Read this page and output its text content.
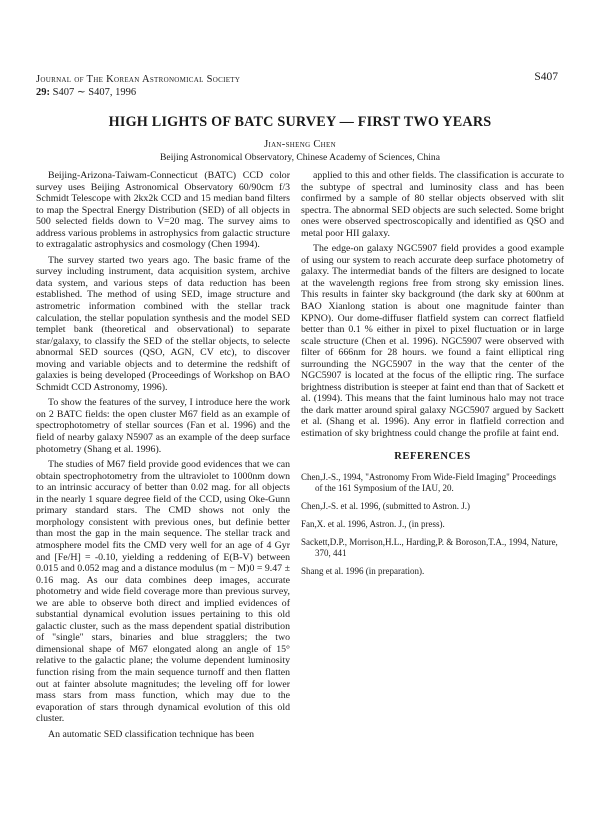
Journal of The Korean Astronomical Society
29: S407 ∼ S407, 1996
S407
HIGH LIGHTS OF BATC SURVEY — FIRST TWO YEARS
Jian-sheng Chen
Beijing Astronomical Observatory, Chinese Academy of Sciences, China

Beijing-Arizona-Taiwam-Connecticut (BATC) CCD color survey uses Beijing Astronomical Observatory 60/90cm f/3 Schmidt Telescope with 2kx2k CCD and 15 median band filters to map the Spectral Energy Distribution (SED) of all objects in 500 selected fields down to V=20 mag. The survey aims to address various problems in astrophysics from galactic structure to extragalatic astrophysics and cosmology (Chen 1994).

The survey started two years ago. The basic frame of the survey including instrument, data acquisition system, archive data system, and various steps of data reduction has been established. The method of using SED, image structure and astrometric information combined with the stellar track calculation, the stellar population synthesis and the model SED templet bank (theoretical and observational) to separate star/galaxy, to classify the SED of the stellar objects, to selecte abnormal SED sources (QSO, AGN, CV etc), to discover moving and variable objects and to determine the redshift of galaxies is being developed (Proceedings of Workshop on BAO Schmidt CCD Astronomy, 1996).

To show the features of the survey, I introduce here the work on 2 BATC fields: the open cluster M67 field as an example of spectrophotometry of stellar sources (Fan et al. 1996) and the field of nearby galaxy N5907 as an example of the deep surface photometry (Shang et al. 1996).

The studies of M67 field provide good evidences that we can obtain spectrophotometry from the ultraviolet to 1000nm down to an intrinsic accuracy of better than 0.02 mag. for all objects in the nearly 1 square degree field of the CCD, using Oke-Gunn primary standard stars. The CMD shows not only the morphology consistent with previous ones, but definie better than most the gap in the main sequence. The stellar track and atmosphere model fits the CMD very well for an age of 4 Gyr and [Fe/H] = -0.10, yielding a reddening of E(B-V) between 0.015 and 0.052 mag and a distance modulus (m − M)0 = 9.47 ± 0.16 mag. As our data combines deep images, accurate photometry and wide field coverage more than previous survey, we are able to observe both direct and implied evidences of substantial dynamical evolution issues pertaining to this old galactic cluster, such as the mass dependent spatial distribution of "single" stars, binaries and blue stragglers; the two dimensional shape of M67 elongated along an angle of 15° relative to the galactic plane; the volume dependent luminosity function rising from the main sequence turnoff and then flatten out at fainter absolute magnitudes; the leveling off for lower mass stars from mass function, which may due to the evaporation of stars through dynamical evolution of this old cluster.

An automatic SED classification technique has been

applied to this and other fields. The classification is accurate to the subtype of spectral and luminosity class and has been confirmed by a sample of 80 stellar objects observed with slit spectra. The abnormal SED objects are such selected. Some bright ones were observed spectroscopically and identified as QSO and metal poor HII galaxy.

The edge-on galaxy NGC5907 field provides a good example of using our system to reach accurate deep surface photometry of galaxy. The intermediat bands of the filters are designed to locate at the wavelength regions free from strong sky emission lines. This results in fainter sky background (the dark sky at 600nm at BAO Xianlong station is about one magnitude fainter than KPNO). Our dome-diffuser flatfield system can correct flatfield better than 0.1 % either in pixel to pixel fluctuation or in large scale structure (Chen et al. 1996). NGC5907 were observed with filter of 666nm for 28 hours. we found a faint elliptical ring surrounding the NGC5907 in the way that the center of the NGC5907 is located at the focus of the elliptic ring. The surface brightness distribution is steeper at faint end than that of Sackett et al. (1994). This means that the faint luminous halo may not trace the dark matter around spiral galaxy NGC5907 argued by Sackett et al. (Shang et al. 1996). Any error in flatfield correction and estimation of sky brightness could change the profile at faint end.

REFERENCES
Chen,J.-S., 1994, "Astronomy From Wide-Field Imaging" Proceedings of the 161 Symposium of the IAU, 20.
Chen,J.-S. et al. 1996, (submitted to Astron. J.)
Fan,X. et al. 1996, Astron. J., (in press).
Sackett,D.P., Morrison,H.L., Harding,P. & Boroson,T.A., 1994, Nature, 370, 441
Shang et al. 1996 (in preparation).
